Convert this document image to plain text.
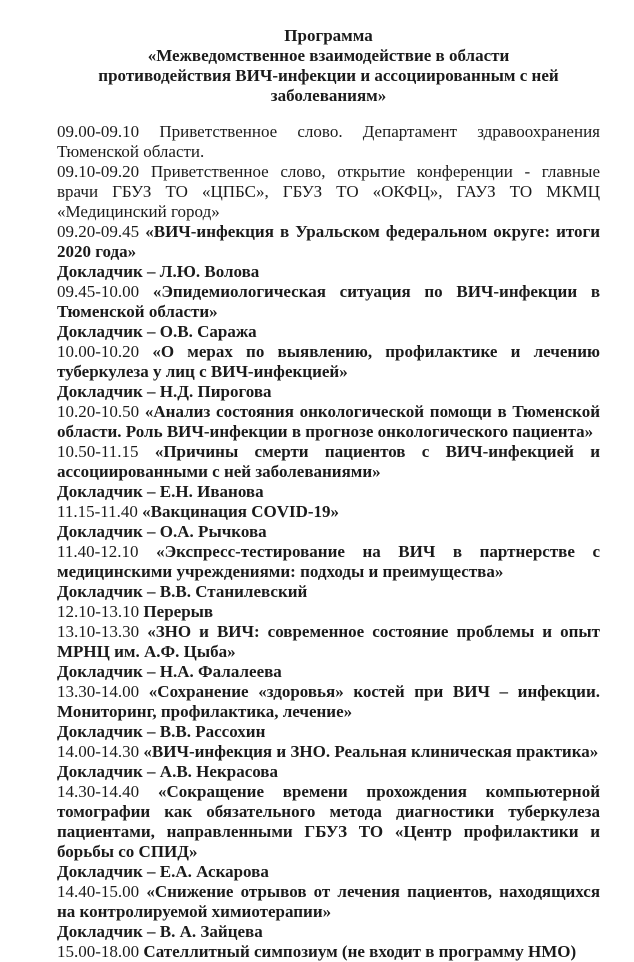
Программа
«Межведомственное взаимодействие в области противодействия ВИЧ-инфекции и ассоциированным с ней заболеваниям»

09.00-09.10 Приветственное слово. Департамент здравоохранения Тюменской области.

09.10-09.20 Приветственное слово, открытие конференции - главные врачи ГБУЗ ТО «ЦПБС», ГБУЗ ТО «ОКФЦ», ГАУЗ ТО МКМЦ «Медицинский город»

09.20-09.45 «ВИЧ-инфекция в Уральском федеральном округе: итоги 2020 года»

Докладчик – Л.Ю. Волова

09.45-10.00 «Эпидемиологическая ситуация по ВИЧ-инфекции в Тюменской области»

Докладчик – О.В. Саража

10.00-10.20 «О мерах по выявлению, профилактике и лечению туберкулеза у лиц с ВИЧ-инфекцией»

Докладчик – Н.Д. Пирогова

10.20-10.50 «Анализ состояния онкологической помощи в Тюменской области. Роль ВИЧ-инфекции в прогнозе онкологического пациента»

10.50-11.15 «Причины смерти пациентов с ВИЧ-инфекцией и ассоциированными с ней заболеваниями»

Докладчик – Е.Н. Иванова

11.15-11.40 «Вакцинация COVID-19»

Докладчик – О.А. Рычкова

11.40-12.10 «Экспресс-тестирование на ВИЧ в партнерстве с медицинскими учреждениями: подходы и преимущества»

Докладчик – В.В. Станилевский

12.10-13.10 Перерыв

13.10-13.30 «ЗНО и ВИЧ: современное состояние проблемы и опыт МРНЦ им. А.Ф. Цыба»

Докладчик – Н.А. Фалалеева

13.30-14.00 «Сохранение «здоровья» костей при ВИЧ – инфекции. Мониторинг, профилактика, лечение»

Докладчик – В.В. Рассохин

14.00-14.30 «ВИЧ-инфекция и ЗНО. Реальная клиническая практика»

Докладчик – А.В. Некрасова

14.30-14.40 «Сокращение времени прохождения компьютерной томографии как обязательного метода диагностики туберкулеза пациентами, направленными ГБУЗ ТО «Центр профилактики и борьбы со СПИД»

Докладчик – Е.А. Аскарова

14.40-15.00 «Снижение отрывов от лечения пациентов, находящихся на контролируемой химиотерапии»

Докладчик – В. А. Зайцева

15.00-18.00 Сателлитный симпозиум (не входит в программу НМО)
